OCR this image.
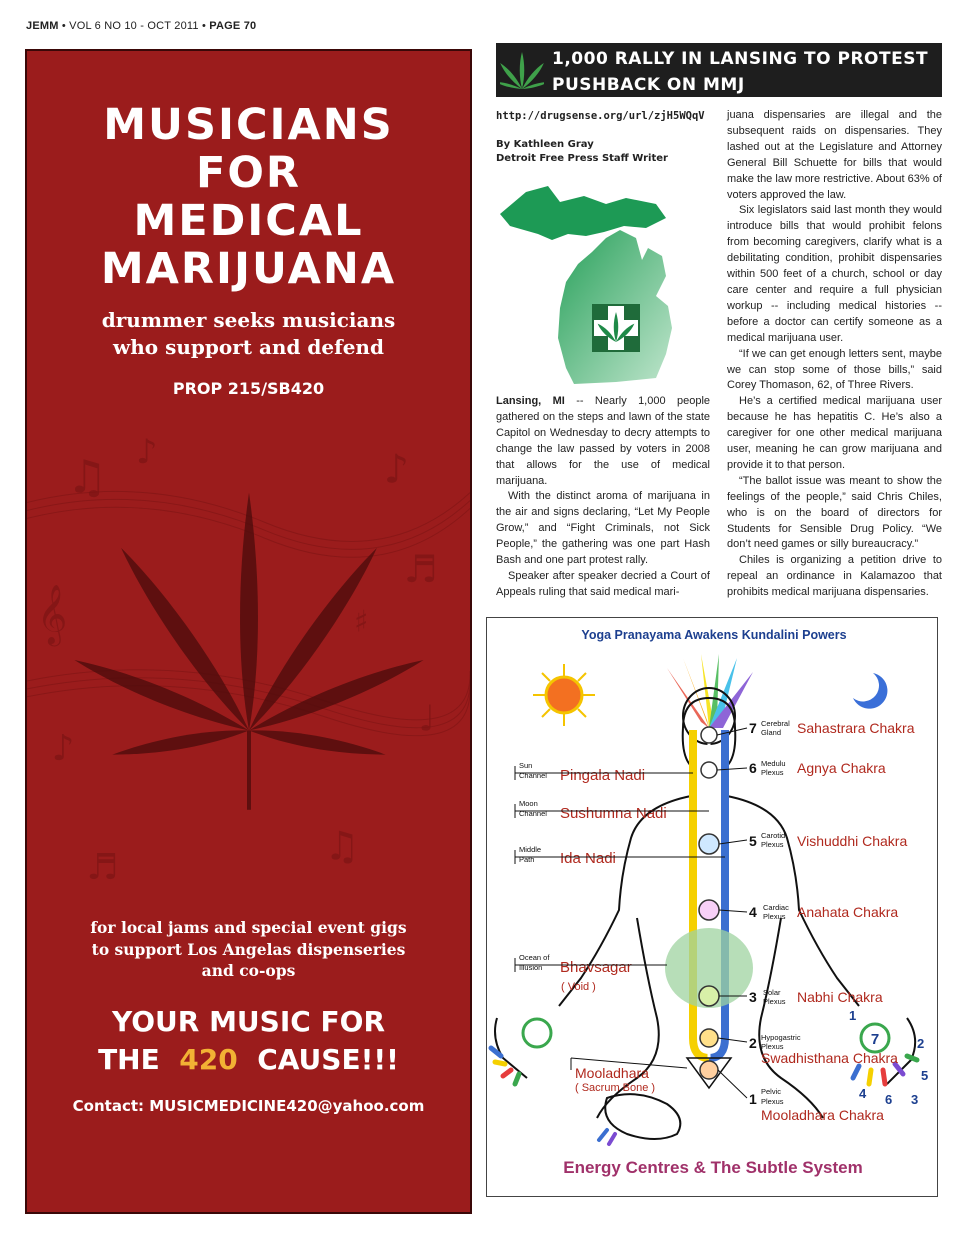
JEMM • VOL 6 NO 10 - OCT 2011 • PAGE 70
MUSICIANS
FOR
MEDICAL
MARIJUANA
drummer seeks musicians
who support and defend
PROP 215/SB420
♫ ♪	♪
♬
𝄞
♩
♪
♫
♬
♯
for local jams and special event gigs
to support Los Angelas dispenseries
and co-ops
YOUR MUSIC FOR
THE 420 CAUSE!!!
Contact: MUSICMEDICINE420@yahoo.com
1,000 RALLY IN LANSING TO PROTEST
PUSHBACK ON MMJ
http://drugsense.org/url/zjH5WQqV
By Kathleen Gray
Detroit Free Press Staff Writer

Lansing, MI -- Nearly 1,000 people gathered on the steps and lawn of the state Capitol on Wednesday to decry attempts to change the law passed by voters in 2008 that allows for the use of medical marijuana.

With the distinct aroma of marijuana in the air and signs declaring, “Let My People Grow,” and “Fight Criminals, not Sick People,” the gathering was one part Hash Bash and one part protest rally.

Speaker after speaker decried a Court of Appeals ruling that said medical mari-

juana dispensaries are illegal and the subsequent raids on dispensaries. They lashed out at the Legislature and Attorney General Bill Schuette for bills that would make the law more restrictive. About 63% of voters approved the law.

Six legislators said last month they would introduce bills that would prohibit felons from becoming caregivers, clarify what is a debilitating condition, prohibit dispensaries within 500 feet of a church, school or day care center and require a full physician workup -- including medical histories -- before a doctor can certify someone as a medical marijuana user.

“If we can get enough letters sent, maybe we can stop some of those bills,” said Corey Thomason, 62, of Three Rivers.

He’s a certified medical marijuana user because he has hepatitis C. He’s also a caregiver for one other medical marijuana user, meaning he can grow marijuana and provide it to that person.

“The ballot issue was meant to show the feelings of the people,” said Chris Chiles, who is on the board of directors for Students for Sensible Drug Policy. “We don’t need games or silly bureaucracy.”

Chiles is organizing a petition drive to repeal an ordinance in Kalamazoo that prohibits medical marijuana dispensaries.

Yoga Pranayama Awakens Kundalini Powers
7
1
2
5
4 6 3
7 Cerebral
Gland Sahastrara Chakra
6 Medulu
Plexus Agnya Chakra
5 Carotid
Plexus Vishuddhi Chakra
4 Cardiac
Plexus Anahata Chakra
3 Solar
Plexus Nabhi Chakra
2 Hypogastric
Plexus
Swadhisthana Chakra
1 Pelvic
Plexus
Mooladhara Chakra
Sun
Channel Pingala Nadi
Moon
Channel Sushumna Nadi
Middle
Path Ida Nadi
Ocean of
Illusion Bhavsagar
( Void )
Mooladhara
( Sacrum Bone )
Energy Centres & The Subtle System
